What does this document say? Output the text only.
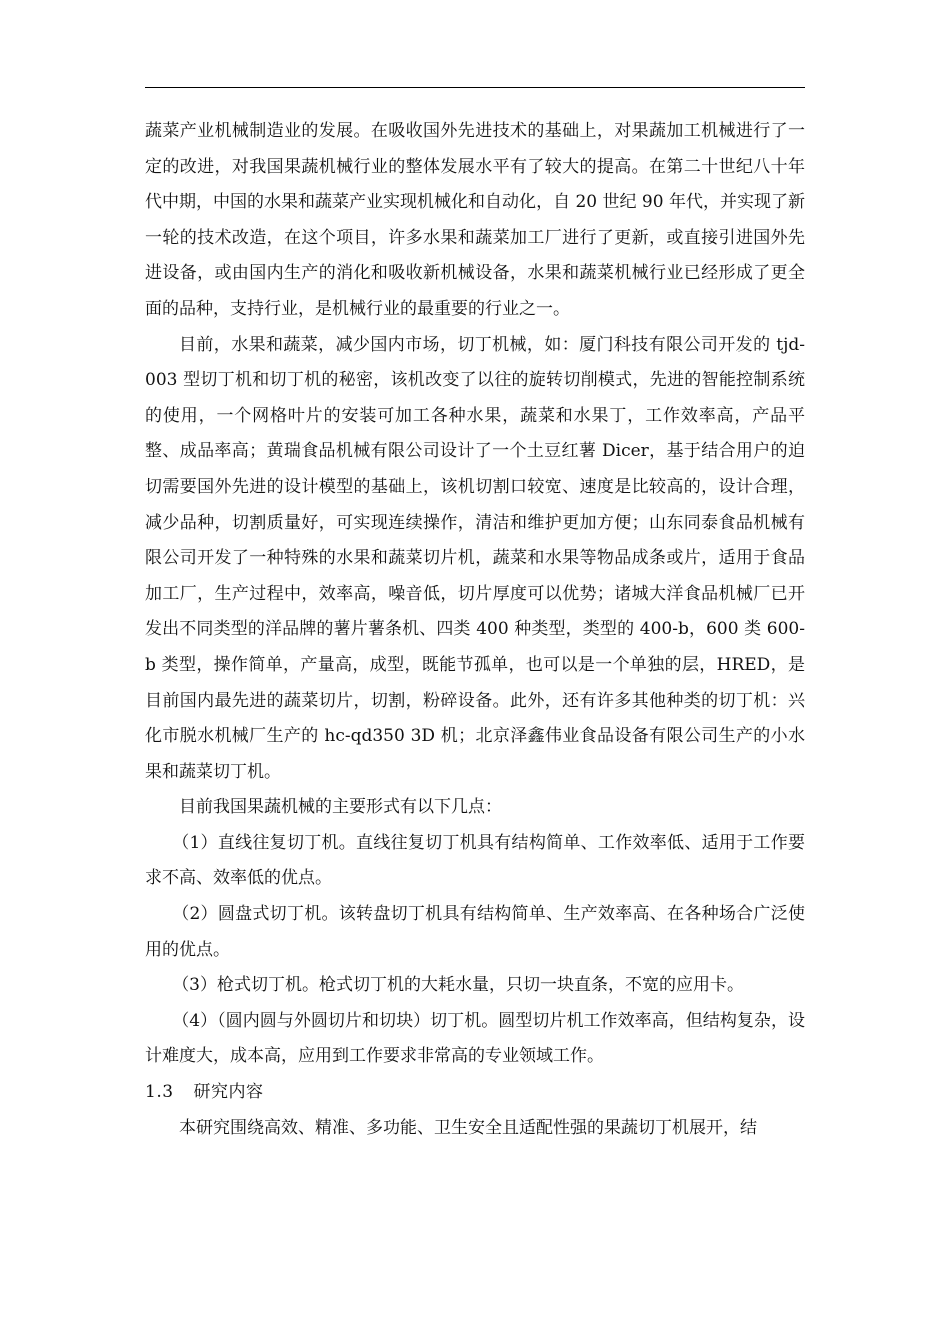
蔬菜产业机械制造业的发展。在吸收国外先进技术的基础上，对果蔬加工机械进行了一定的改进，对我国果蔬机械行业的整体发展水平有了较大的提高。在第二十世纪八十年代中期，中国的水果和蔬菜产业实现机械化和自动化，自 20 世纪 90 年代，并实现了新一轮的技术改造，在这个项目，许多水果和蔬菜加工厂进行了更新，或直接引进国外先进设备，或由国内生产的消化和吸收新机械设备，水果和蔬菜机械行业已经形成了更全面的品种，支持行业，是机械行业的最重要的行业之一。

目前，水果和蔬菜，减少国内市场，切丁机械，如：厦门科技有限公司开发的 tjd-003 型切丁机和切丁机的秘密，该机改变了以往的旋转切削模式，先进的智能控制系统的使用，一个网格叶片的安装可加工各种水果，蔬菜和水果丁，工作效率高，产品平整、成品率高；黄瑞食品机械有限公司设计了一个土豆红薯 Dicer，基于结合用户的迫切需要国外先进的设计模型的基础上，该机切割口较宽、速度是比较高的，设计合理，减少品种，切割质量好，可实现连续操作，清洁和维护更加方便；山东同泰食品机械有限公司开发了一种特殊的水果和蔬菜切片机，蔬菜和水果等物品成条或片，适用于食品加工厂，生产过程中，效率高，噪音低，切片厚度可以优势；诸城大洋食品机械厂已开发出不同类型的洋品牌的薯片薯条机、四类 400 种类型，类型的 400-b，600 类 600-b 类型，操作简单，产量高，成型，既能节孤单，也可以是一个单独的层，HRED，是目前国内最先进的蔬菜切片，切割，粉碎设备。此外，还有许多其他种类的切丁机：兴化市脱水机械厂生产的 hc-qd350 3D 机；北京泽鑫伟业食品设备有限公司生产的小水果和蔬菜切丁机。

目前我国果蔬机械的主要形式有以下几点：

（1）直线往复切丁机。直线往复切丁机具有结构简单、工作效率低、适用于工作要求不高、效率低的优点。

（2）圆盘式切丁机。该转盘切丁机具有结构简单、生产效率高、在各种场合广泛使用的优点。

（3）枪式切丁机。枪式切丁机的大耗水量，只切一块直条，不宽的应用卡。

（4）（圆内圆与外圆切片和切块）切丁机。圆型切片机工作效率高，但结构复杂，设计难度大，成本高，应用到工作要求非常高的专业领域工作。

1.3 研究内容

本研究围绕高效、精准、多功能、卫生安全且适配性强的果蔬切丁机展开，结
